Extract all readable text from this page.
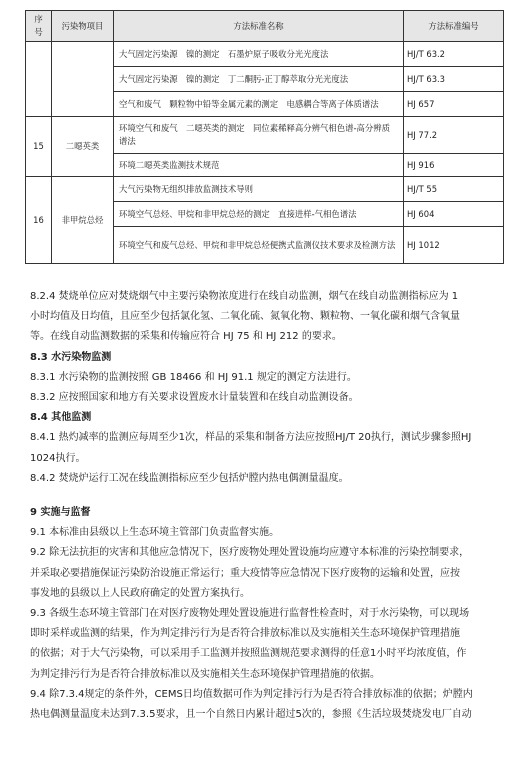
序号	污染物项目	方法标准名称	方法标准编号
		大气固定污染源　镍的测定　石墨炉原子吸收分光光度法	HJ/T 63.2
		大气固定污染源　镍的测定　丁二酮肟-正丁醇萃取分光光度法	HJ/T 63.3
		空气和废气　颗粒物中铅等金属元素的测定　电感耦合等离子体质谱法	HJ 657
15	二噁英类	环境空气和废气　二噁英类的测定　同位素稀释高分辨气相色谱-高分辨质谱法	HJ 77.2
		环境二噁英类监测技术规范	HJ 916
16	非甲烷总烃	大气污染物无组织排放监测技术导则	HJ/T 55
		环境空气总烃、甲烷和非甲烷总烃的测定　直接进样-气相色谱法	HJ 604
		环境空气和废气总烃、甲烷和非甲烷总烃便携式监测仪技术要求及检测方法	HJ 1012

8.2.4 焚烧单位应对焚烧烟气中主要污染物浓度进行在线自动监测，烟气在线自动监测指标应为 1

小时均值及日均值，且应至少包括氯化氢、二氧化硫、氮氧化物、颗粒物、一氧化碳和烟气含氧量

等。在线自动监测数据的采集和传输应符合 HJ 75 和 HJ 212 的要求。

8.3 水污染物监测

8.3.1 水污染物的监测按照 GB 18466 和 HJ 91.1 规定的测定方法进行。

8.3.2 应按照国家和地方有关要求设置废水计量装置和在线自动监测设备。

8.4 其他监测

8.4.1 热灼减率的监测应每周至少1次，样品的采集和制备方法应按照HJ/T 20执行，测试步骤参照HJ

1024执行。

8.4.2 焚烧炉运行工况在线监测指标应至少包括炉膛内热电偶测量温度。

9 实施与监督

9.1 本标准由县级以上生态环境主管部门负责监督实施。

9.2 除无法抗拒的灾害和其他应急情况下，医疗废物处理处置设施均应遵守本标准的污染控制要求，

并采取必要措施保证污染防治设施正常运行；重大疫情等应急情况下医疗废物的运输和处置，应按

事发地的县级以上人民政府确定的处置方案执行。

9.3 各级生态环境主管部门在对医疗废物处理处置设施进行监督性检查时，对于水污染物，可以现场

即时采样或监测的结果，作为判定排污行为是否符合排放标准以及实施相关生态环境保护管理措施

的依据；对于大气污染物，可以采用手工监测并按照监测规范要求测得的任意1小时平均浓度值，作

为判定排污行为是否符合排放标准以及实施相关生态环境保护管理措施的依据。

9.4 除7.3.4规定的条件外，CEMS日均值数据可作为判定排污行为是否符合排放标准的依据；炉膛内

热电偶测量温度未达到7.3.5要求，且一个自然日内累计超过5次的，参照《生活垃圾焚烧发电厂自动
